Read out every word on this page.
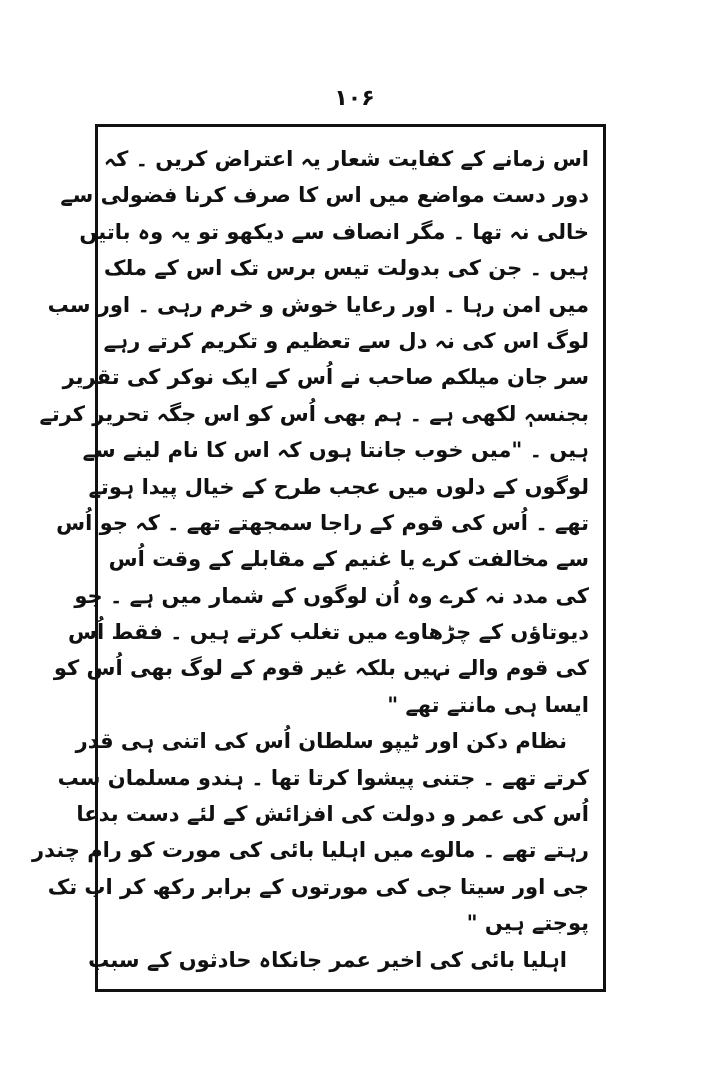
۱۰۶
اس زمانے کے کفایت شعار یہ اعتراض کریں ۔ کہ
دور دست مواضع میں اس کا صرف کرنا فضولی سے
خالی نہ تھا ۔ مگر انصاف سے دیکھو تو یہ وہ باتیں
ہیں ۔ جن کی بدولت تیس برس تک اس کے ملک
میں امن رہا ۔ اور رعایا خوش و خرم رہی ۔ اور سب
لوگ اس کی نہ دل سے تعظیم و تکریم کرتے رہے
سر جان میلکم صاحب نے اُس کے ایک نوکر کی تقریر
بجنسہٖ لکھی ہے ۔ ہم بھی اُس کو اس جگہ تحریر کرتے
ہیں ۔ "میں خوب جانتا ہوں کہ اس کا نام لینے سے
لوگوں کے دلوں میں عجب طرح کے خیال پیدا ہوتے
تھے ۔ اُس کی قوم کے راجا سمجھتے تھے ۔ کہ جو اُس
سے مخالفت کرے یا غنیم کے مقابلے کے وقت اُس
کی مدد نہ کرے وہ اُن لوگوں کے شمار میں ہے ۔ جو
دیوتاؤں کے چڑھاوے میں تغلب کرتے ہیں ۔ فقط اُس
کی قوم والے نہیں بلکہ غیر قوم کے لوگ بھی اُس کو
ایسا ہی مانتے تھے "
نظام دکن اور ٹیپو سلطان اُس کی اتنی ہی قدر
کرتے تھے ۔ جتنی پیشوا کرتا تھا ۔ ہندو مسلمان سب
اُس کی عمر و دولت کی افزائش کے لئے دست بدعا
رہتے تھے ۔ مالوے میں اہلیا بائی کی مورت کو رام چندر
جی اور سیتا جی کی مورتوں کے برابر رکھ کر اب تک
پوجتے ہیں "
اہلیا بائی کی اخیر عمر جانکاہ حادثوں کے سبب
